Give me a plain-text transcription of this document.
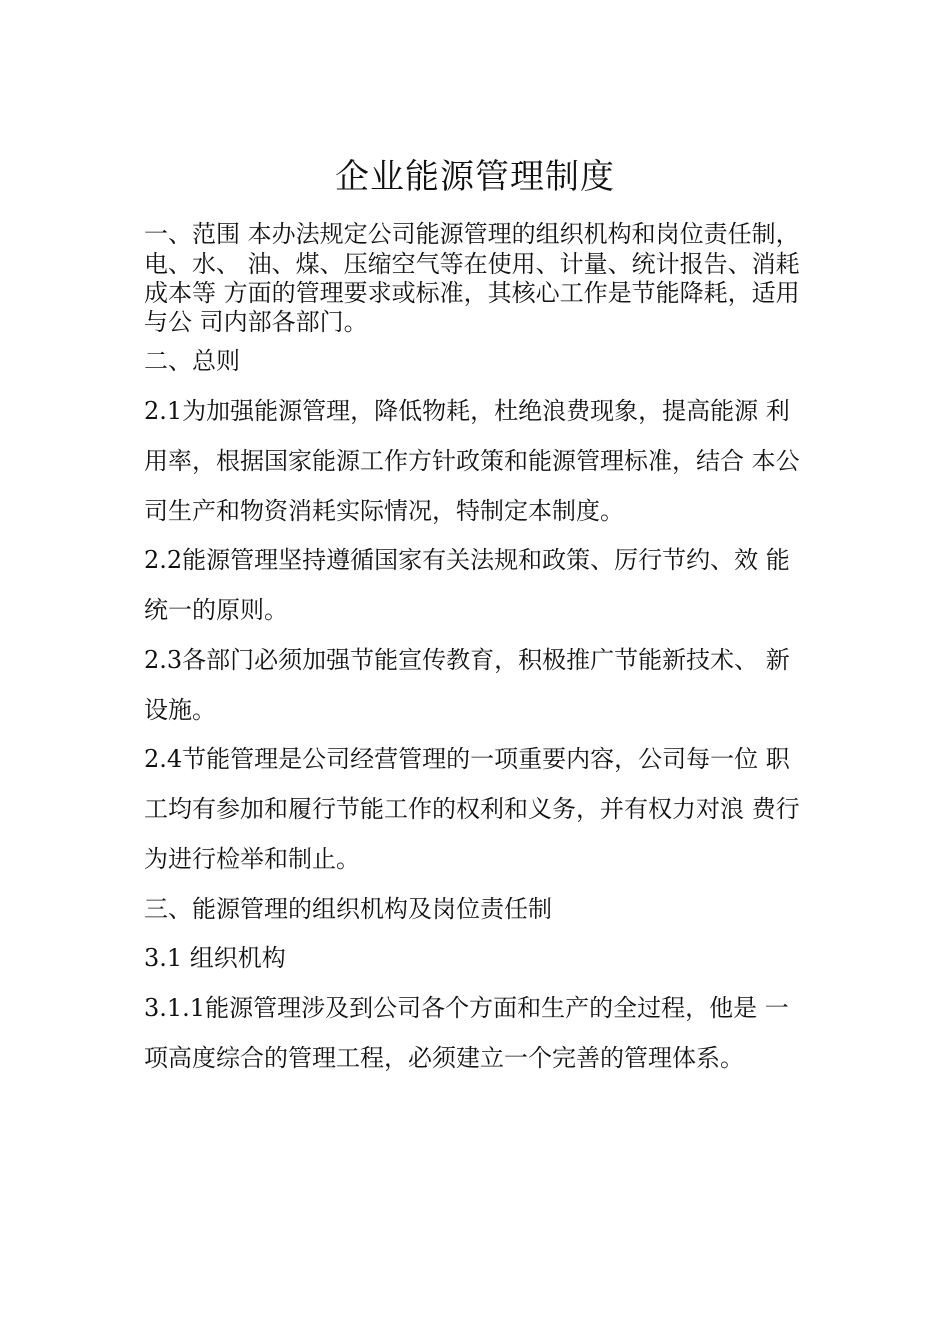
企业能源管理制度
一、范围 本办法规定公司能源管理的组织机构和岗位责任制，
电、水、 油、煤、压缩空气等在使用、计量、统计报告、消耗
成本等 方面的管理要求或标准，其核心工作是节能降耗，适用
与公 司内部各部门。
二、总则
2.1为加强能源管理，降低物耗，杜绝浪费现象，提高能源 利
用率，根据国家能源工作方针政策和能源管理标准，结合 本公
司生产和物资消耗实际情况，特制定本制度。
2.2能源管理坚持遵循国家有关法规和政策、厉行节约、效 能
统一的原则。
2.3各部门必须加强节能宣传教育，积极推广节能新技术、 新
设施。
2.4节能管理是公司经营管理的一项重要内容，公司每一位 职
工均有参加和履行节能工作的权利和义务，并有权力对浪 费行
为进行检举和制止。
三、能源管理的组织机构及岗位责任制
3.1 组织机构
3.1.1能源管理涉及到公司各个方面和生产的全过程，他是 一
项高度综合的管理工程，必须建立一个完善的管理体系。
